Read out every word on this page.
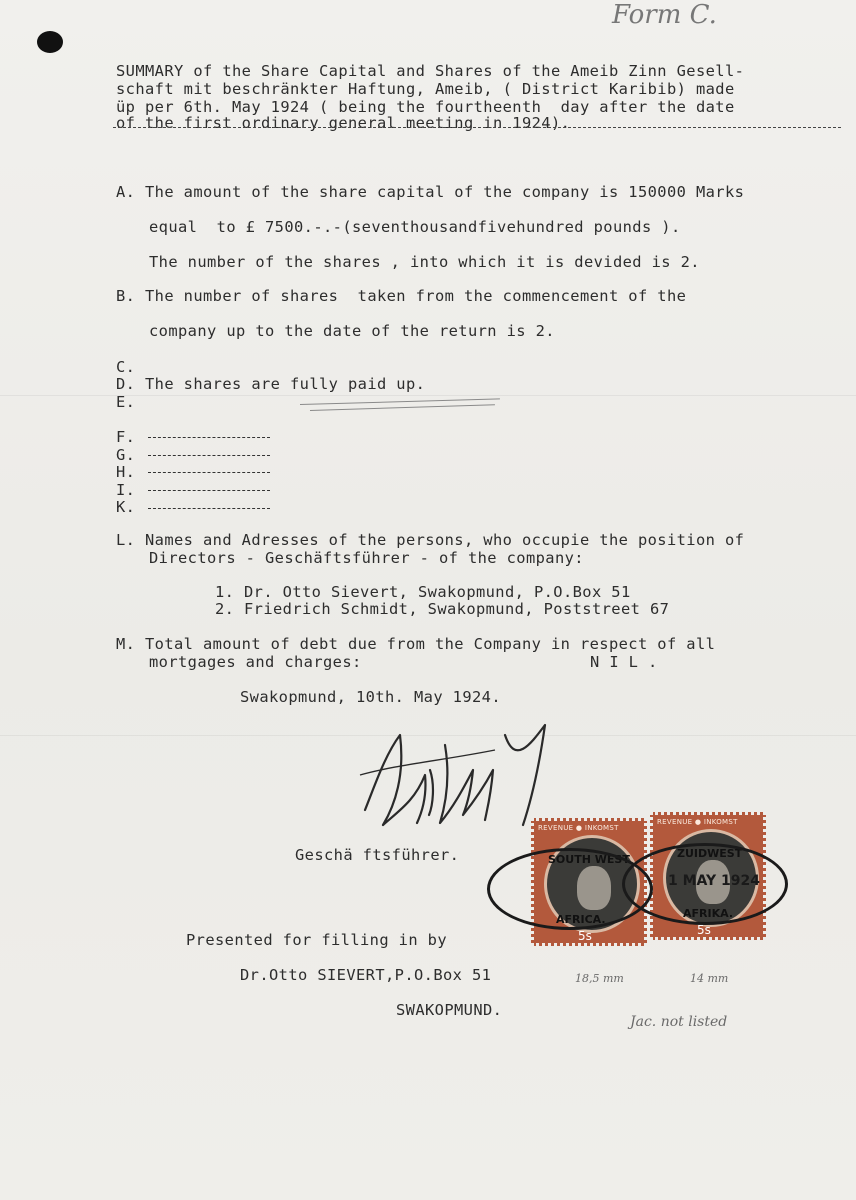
Form C.
SUMMARY of the Share Capital and Shares of the Ameib Zinn Gesell-
schaft mit beschränkter Haftung, Ameib, ( District Karibib) made
üp per 6th. May 1924 ( being the fourtheenth  day after the date
of the first ordinary general meeting in 1924).
A. The amount of the share capital of the company is 150000 Marks
equal  to £ 7500.-.-(seventhousandfivehundred pounds ).
The number of the shares , into which it is devided is 2.
B. The number of shares  taken from the commencement of the
company up to the date of the return is 2.
C.
D. The shares are fully paid up.
E.
F.
G.
H.
I.
K.
L. Names and Adresses of the persons, who occupie the position of
Directors - Geschäftsführer - of the company:
1. Dr. Otto Sievert, Swakopmund, P.O.Box 51
2. Friedrich Schmidt, Swakopmund, Poststreet 67
M. Total amount of debt due from the Company in respect of all
mortgages and charges:	N I L .
Swakopmund, 10th. May 1924.
Geschä ftsführer.
REVENUE ● INKOMST
SOUTH WEST
AFRICA.
5s
REVENUE ● INKOMST
ZUIDWEST
AFRIKA.
5s
1 MAY 1924
Presented for filling in by
Dr.Otto SIEVERT,P.O.Box 51
SWAKOPMUND.
18,5 mm	14 mm
Jac. not listed
